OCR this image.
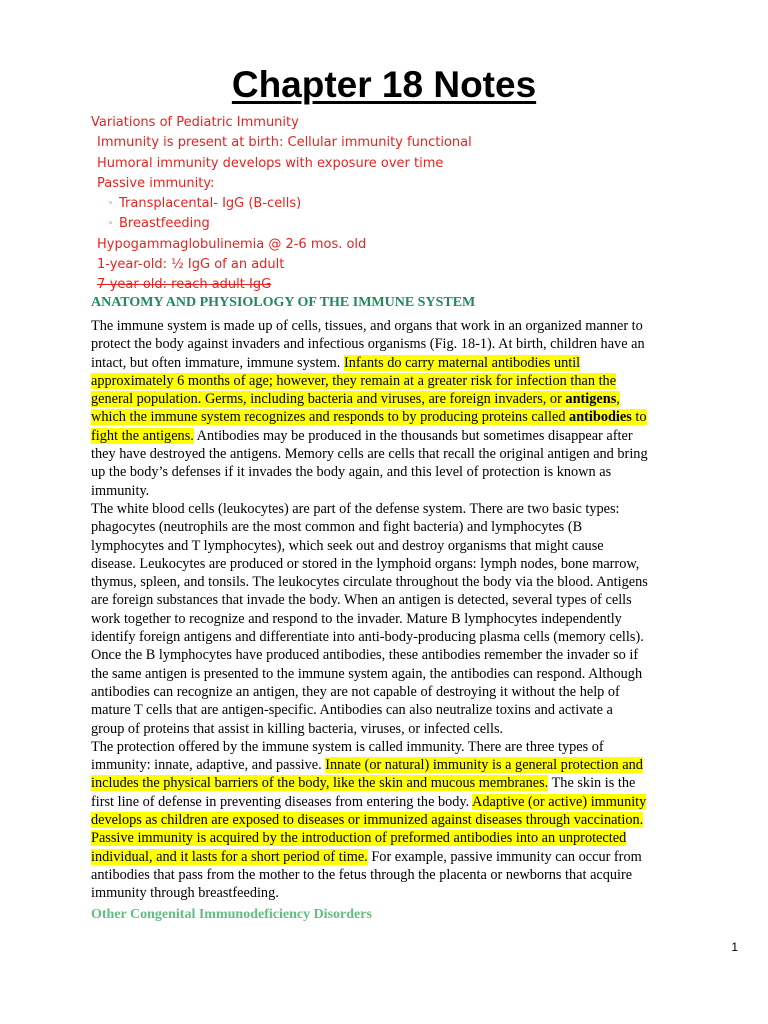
Chapter 18 Notes
Variations of Pediatric Immunity
Immunity is present at birth: Cellular immunity functional
Humoral immunity develops with exposure over time
Passive immunity:
◦ Transplacental- IgG (B-cells)
◦ Breastfeeding
Hypogammaglobulinemia @ 2-6 mos. old
1-year-old: ½ IgG of an adult
7-year-old: reach adult IgG
ANATOMY AND PHYSIOLOGY OF THE IMMUNE SYSTEM
The immune system is made up of cells, tissues, and organs that work in an organized manner to
protect the body against invaders and infectious organisms (Fig. 18-1). At birth, children have an
intact, but often immature, immune system. Infants do carry maternal antibodies until
approximately 6 months of age; however, they remain at a greater risk for infection than the
general population. Germs, including bacteria and viruses, are foreign invaders, or antigens,
which the immune system recognizes and responds to by producing proteins called antibodies to
fight the antigens. Antibodies may be produced in the thousands but sometimes disappear after
they have destroyed the antigens. Memory cells are cells that recall the original antigen and bring
up the body’s defenses if it invades the body again, and this level of protection is known as
immunity.
The white blood cells (leukocytes) are part of the defense system. There are two basic types:
phagocytes (neutrophils are the most common and fight bacteria) and lymphocytes (B
lymphocytes and T lymphocytes), which seek out and destroy organisms that might cause
disease. Leukocytes are produced or stored in the lymphoid organs: lymph nodes, bone marrow,
thymus, spleen, and tonsils. The leukocytes circulate throughout the body via the blood. Antigens
are foreign substances that invade the body. When an antigen is detected, several types of cells
work together to recognize and respond to the invader. Mature B lymphocytes independently
identify foreign antigens and differentiate into anti-body-producing plasma cells (memory cells).
Once the B lymphocytes have produced antibodies, these antibodies remember the invader so if
the same antigen is presented to the immune system again, the antibodies can respond. Although
antibodies can recognize an antigen, they are not capable of destroying it without the help of
mature T cells that are antigen-specific. Antibodies can also neutralize toxins and activate a
group of proteins that assist in killing bacteria, viruses, or infected cells.
The protection offered by the immune system is called immunity. There are three types of
immunity: innate, adaptive, and passive. Innate (or natural) immunity is a general protection and
includes the physical barriers of the body, like the skin and mucous membranes. The skin is the
first line of defense in preventing diseases from entering the body. Adaptive (or active) immunity
develops as children are exposed to diseases or immunized against diseases through vaccination.
Passive immunity is acquired by the introduction of preformed antibodies into an unprotected
individual, and it lasts for a short period of time. For example, passive immunity can occur from
antibodies that pass from the mother to the fetus through the placenta or newborns that acquire
immunity through breastfeeding.
Other Congenital Immunodeficiency Disorders
1
